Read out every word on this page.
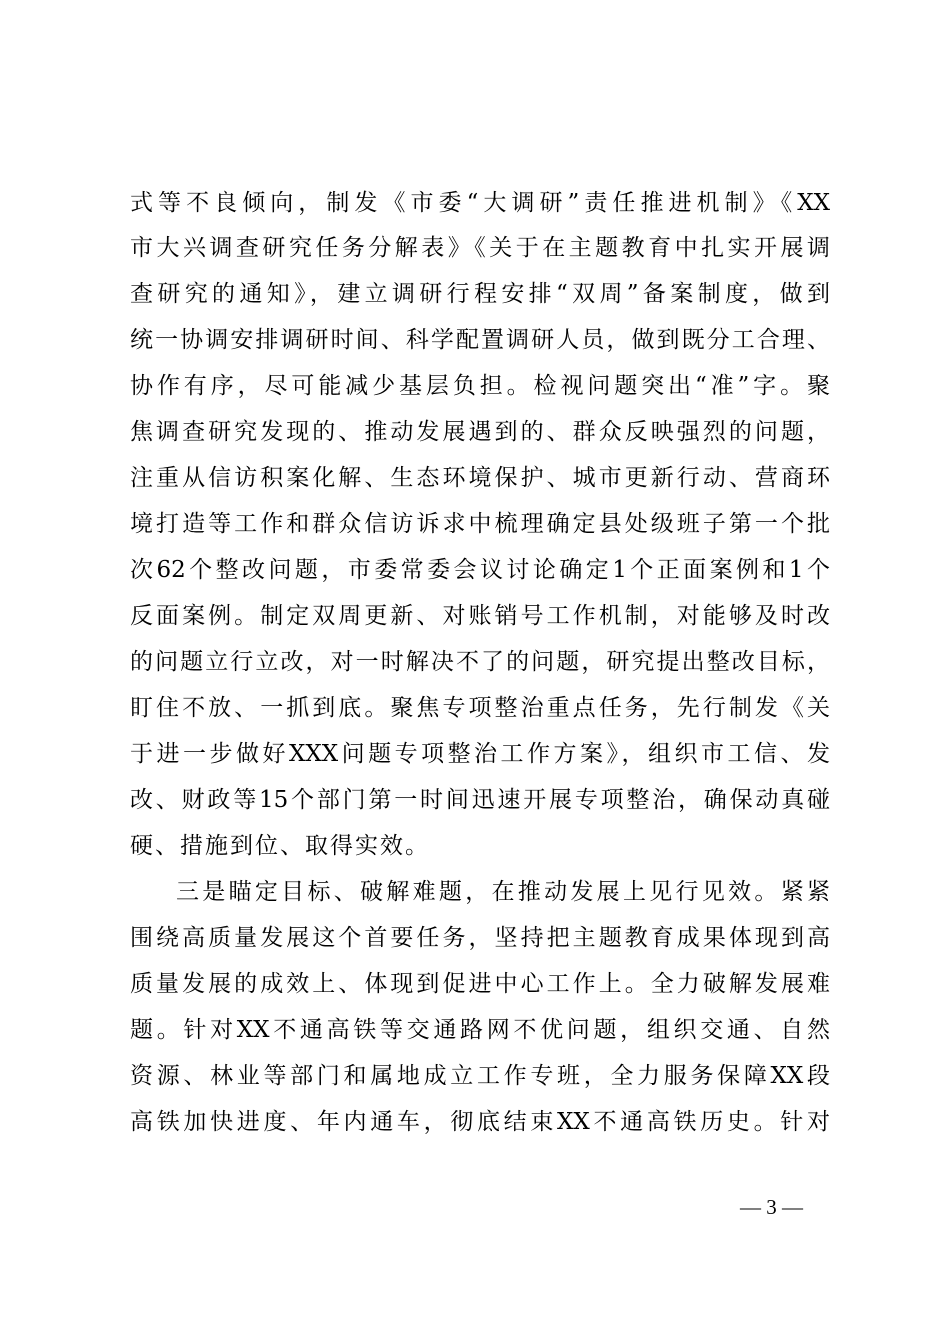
式等不良倾向，制发《市委“大调研”责任推进机制》《XX
市大兴调查研究任务分解表》《关于在主题教育中扎实开展调
查研究的通知》，建立调研行程安排“双周”备案制度，做到
统一协调安排调研时间、科学配置调研人员，做到既分工合理、
协作有序，尽可能减少基层负担。检视问题突出“准”字。聚
焦调查研究发现的、推动发展遇到的、群众反映强烈的问题，
注重从信访积案化解、生态环境保护、城市更新行动、营商环
境打造等工作和群众信访诉求中梳理确定县处级班子第一个批
次62个整改问题，市委常委会议讨论确定1个正面案例和1个
反面案例。制定双周更新、对账销号工作机制，对能够及时改
的问题立行立改，对一时解决不了的问题，研究提出整改目标，
盯住不放、一抓到底。聚焦专项整治重点任务，先行制发《关
于进一步做好XXX问题专项整治工作方案》，组织市工信、发
改、财政等15个部门第一时间迅速开展专项整治，确保动真碰
硬、措施到位、取得实效。
三是瞄定目标、破解难题，在推动发展上见行见效。紧紧
围绕高质量发展这个首要任务，坚持把主题教育成果体现到高
质量发展的成效上、体现到促进中心工作上。全力破解发展难
题。针对XX不通高铁等交通路网不优问题，组织交通、自然
资源、林业等部门和属地成立工作专班，全力服务保障XX段
高铁加快进度、年内通车，彻底结束XX不通高铁历史。针对
— 3 —
